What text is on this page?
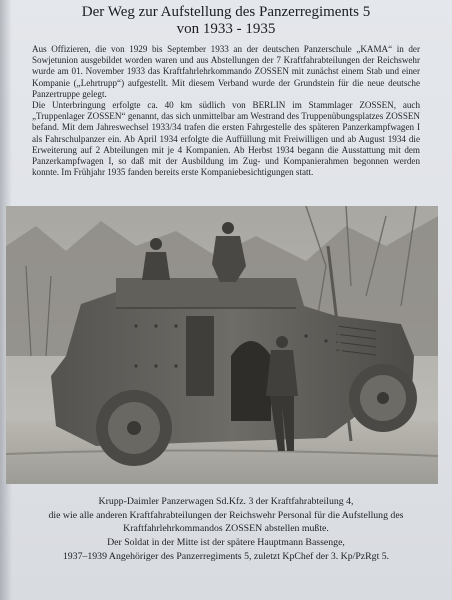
Der Weg zur Aufstellung des Panzerregiments 5
von 1933 - 1935

Aus Offizieren, die von 1929 bis September 1933 an der deutschen Panzerschule „KAMA“ in der Sowjetunion ausgebildet worden waren und aus Abstellungen der 7 Kraftfahrabteilungen der Reichswehr wurde am 01. November 1933 das Kraftfahrlehrkommando ZOSSEN mit zunächst einem Stab und einer Kompanie („Lehrtrupp“) aufgestellt. Mit diesem Verband wurde der Grundstein für die neue deutsche Panzertruppe gelegt.

Die Unterbringung erfolgte ca. 40 km südlich von BERLIN im Stammlager ZOSSEN, auch „Truppenlager ZOSSEN“ genannt, das sich unmittelbar am Westrand des Truppenübungsplatzes ZOSSEN befand. Mit dem Jahreswechsel 1933/34 trafen die ersten Fahrgestelle des späteren Panzerkampfwagen I als Fahrschulpanzer ein. Ab April 1934 erfolgte die Auffüllung mit Freiwilligen und ab August 1934 die Erweiterung auf 2 Abteilungen mit je 4 Kompanien. Ab Herbst 1934 begann die Ausstattung mit dem Panzerkampfwagen I, so daß mit der Ausbildung im Zug- und Kompanierahmen begonnen werden konnte. Im Frühjahr 1935 fanden bereits erste Kompaniebesichtigungen statt.

Krupp-Daimler Panzerwagen Sd.Kfz. 3 der Kraftfahrabteilung 4,
die wie alle anderen Kraftfahrabteilungen der Reichswehr Personal für die Aufstellung des
Kraftfahrlehrkommandos ZOSSEN abstellen mußte.
Der Soldat in der Mitte ist der spätere Hauptmann Bassenge,
1937–1939 Angehöriger des Panzerregiments 5, zuletzt KpChef der 3. Kp/PzRgt 5.
